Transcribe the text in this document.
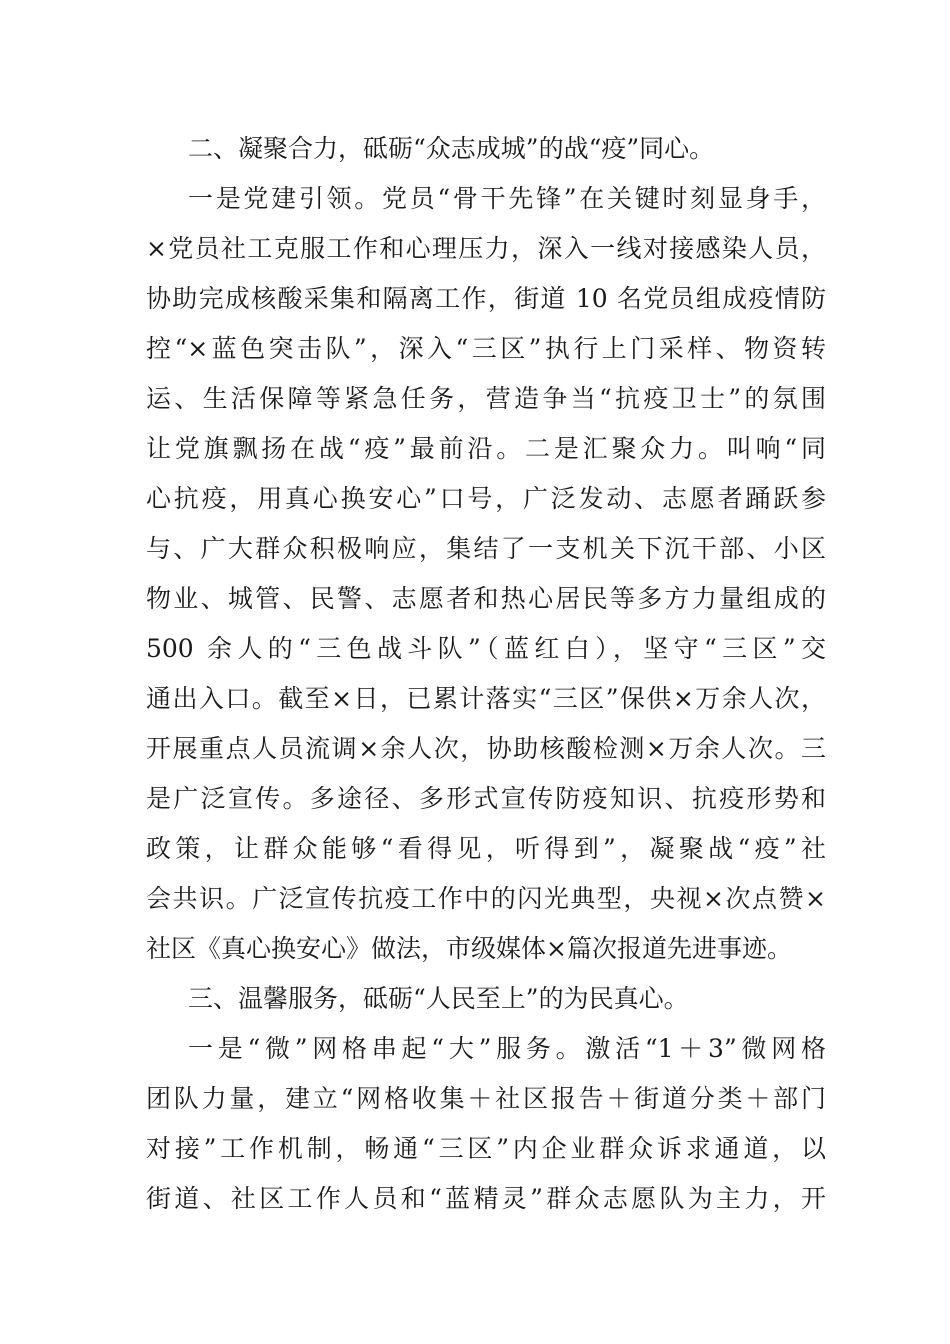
二、凝聚合力，砥砺“众志成城”的战“疫”同心。
一是党建引领。党员“骨干先锋”在关键时刻显身手，
×党员社工克服工作和心理压力，深入一线对接感染人员，
协助完成核酸采集和隔离工作，街道 10 名党员组成疫情防
控“×蓝色突击队”，深入“三区”执行上门采样、物资转
运、生活保障等紧急任务，营造争当“抗疫卫士”的氛围
让党旗飘扬在战“疫”最前沿。二是汇聚众力。叫响“同
心抗疫，用真心换安心”口号，广泛发动、志愿者踊跃参
与、广大群众积极响应，集结了一支机关下沉干部、小区
物业、城管、民警、志愿者和热心居民等多方力量组成的
500 余人的“三色战斗队”（蓝红白），坚守“三区”交
通出入口。截至×日，已累计落实“三区”保供×万余人次，
开展重点人员流调×余人次，协助核酸检测×万余人次。三
是广泛宣传。多途径、多形式宣传防疫知识、抗疫形势和
政策，让群众能够“看得见，听得到”，凝聚战“疫”社
会共识。广泛宣传抗疫工作中的闪光典型，央视×次点赞×
社区《真心换安心》做法，市级媒体×篇次报道先进事迹。
三、温馨服务，砥砺“人民至上”的为民真心。
一是“微”网格串起“大”服务。激活“1＋3”微网格
团队力量，建立“网格收集＋社区报告＋街道分类＋部门
对接”工作机制，畅通“三区”内企业群众诉求通道，以
街道、社区工作人员和“蓝精灵”群众志愿队为主力，开
